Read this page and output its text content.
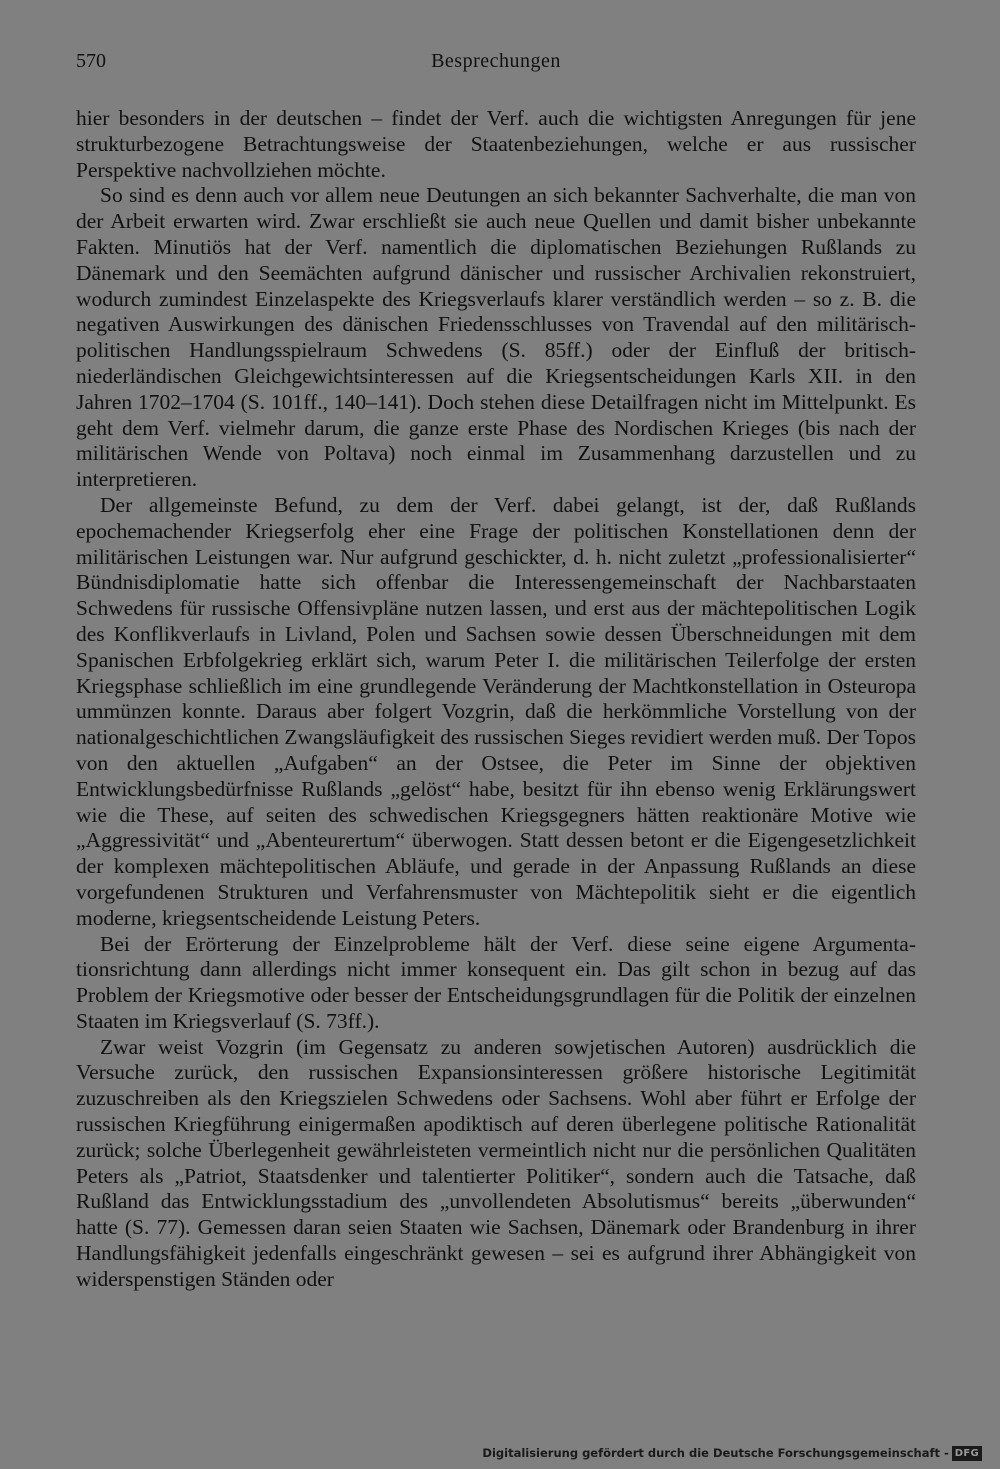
570	Besprechungen

hier besonders in der deutschen – findet der Verf. auch die wichtigsten Anregungen für jene strukturbezogene Betrachtungsweise der Staatenbeziehungen, welche er aus russischer Perspektive nachvollziehen möchte.

So sind es denn auch vor allem neue Deutungen an sich bekannter Sachverhalte, die man von der Arbeit erwarten wird. Zwar erschließt sie auch neue Quellen und damit bisher unbekannte Fakten. Minutiös hat der Verf. namentlich die diplomatischen Beziehungen Rußlands zu Dänemark und den Seemächten aufgrund dänischer und russischer Archivalien rekonstruiert, wodurch zumindest Einzelaspekte des Kriegsverlaufs klarer verständlich werden – so z. B. die negativen Auswirkungen des dänischen Friedensschlusses von Travendal auf den militärisch-politischen Handlungsspielraum Schwedens (S. 85ff.) oder der Einfluß der britisch-niederländischen Gleichgewichtsinteressen auf die Kriegsentscheidungen Karls XII. in den Jahren 1702–1704 (S. 101ff., 140–141). Doch stehen diese Detailfragen nicht im Mittelpunkt. Es geht dem Verf. vielmehr darum, die ganze erste Phase des Nordischen Krieges (bis nach der militärischen Wende von Poltava) noch einmal im Zusammenhang darzustellen und zu interpretieren.

Der allgemeinste Befund, zu dem der Verf. dabei gelangt, ist der, daß Rußlands epochemachender Kriegserfolg eher eine Frage der politischen Konstellationen denn der militärischen Leistungen war. Nur aufgrund geschickter, d. h. nicht zuletzt „professionalisierter“ Bündnisdiplomatie hatte sich offenbar die Interessengemeinschaft der Nachbarstaaten Schwedens für russische Offensivpläne nutzen lassen, und erst aus der mächtepolitischen Logik des Konflikverlaufs in Livland, Polen und Sachsen sowie dessen Überschneidungen mit dem Spanischen Erbfolgekrieg erklärt sich, warum Peter I. die militärischen Teilerfolge der ersten Kriegsphase schließlich im eine grundlegende Veränderung der Machtkonstellation in Osteuropa ummünzen konnte. Daraus aber folgert Vozgrin, daß die herkömmliche Vorstellung von der nationalgeschichtlichen Zwangsläufigkeit des russischen Sieges revidiert werden muß. Der Topos von den aktuellen „Aufgaben“ an der Ostsee, die Peter im Sinne der objektiven Entwicklungsbedürfnisse Rußlands „gelöst“ habe, besitzt für ihn ebenso wenig Erklärungswert wie die These, auf seiten des schwedischen Kriegsgegners hätten reaktionäre Motive wie „Aggressivität“ und „Abenteurertum“ überwogen. Statt dessen betont er die Eigengesetzlichkeit der komplexen mächtepolitischen Abläufe, und gerade in der Anpassung Rußlands an diese vorgefundenen Strukturen und Verfahrensmuster von Mächtepolitik sieht er die eigentlich moderne, kriegsentscheidende Leistung Peters.

Bei der Erörterung der Einzelprobleme hält der Verf. diese seine eigene Argumentationsrichtung dann allerdings nicht immer konsequent ein. Das gilt schon in bezug auf das Problem der Kriegsmotive oder besser der Entscheidungsgrundlagen für die Politik der einzelnen Staaten im Kriegsverlauf (S. 73ff.).

Zwar weist Vozgrin (im Gegensatz zu anderen sowjetischen Autoren) ausdrücklich die Versuche zurück, den russischen Expansionsinteressen größere historische Legitimität zuzuschreiben als den Kriegszielen Schwedens oder Sachsens. Wohl aber führt er Erfolge der russischen Kriegführung einigermaßen apodiktisch auf deren überlegene politische Rationalität zurück; solche Überlegenheit gewährleisteten vermeintlich nicht nur die persönlichen Qualitäten Peters als „Patriot, Staatsdenker und talentierter Politiker“, sondern auch die Tatsache, daß Rußland das Entwicklungsstadium des „unvollendeten Absolutismus“ bereits „überwunden“ hatte (S. 77). Gemessen daran seien Staaten wie Sachsen, Dänemark oder Brandenburg in ihrer Handlungsfähigkeit jedenfalls eingeschränkt gewesen – sei es aufgrund ihrer Abhängigkeit von widerspenstigen Ständen oder

Digitalisierung gefördert durch die Deutsche Forschungsgemeinschaft - DFG
